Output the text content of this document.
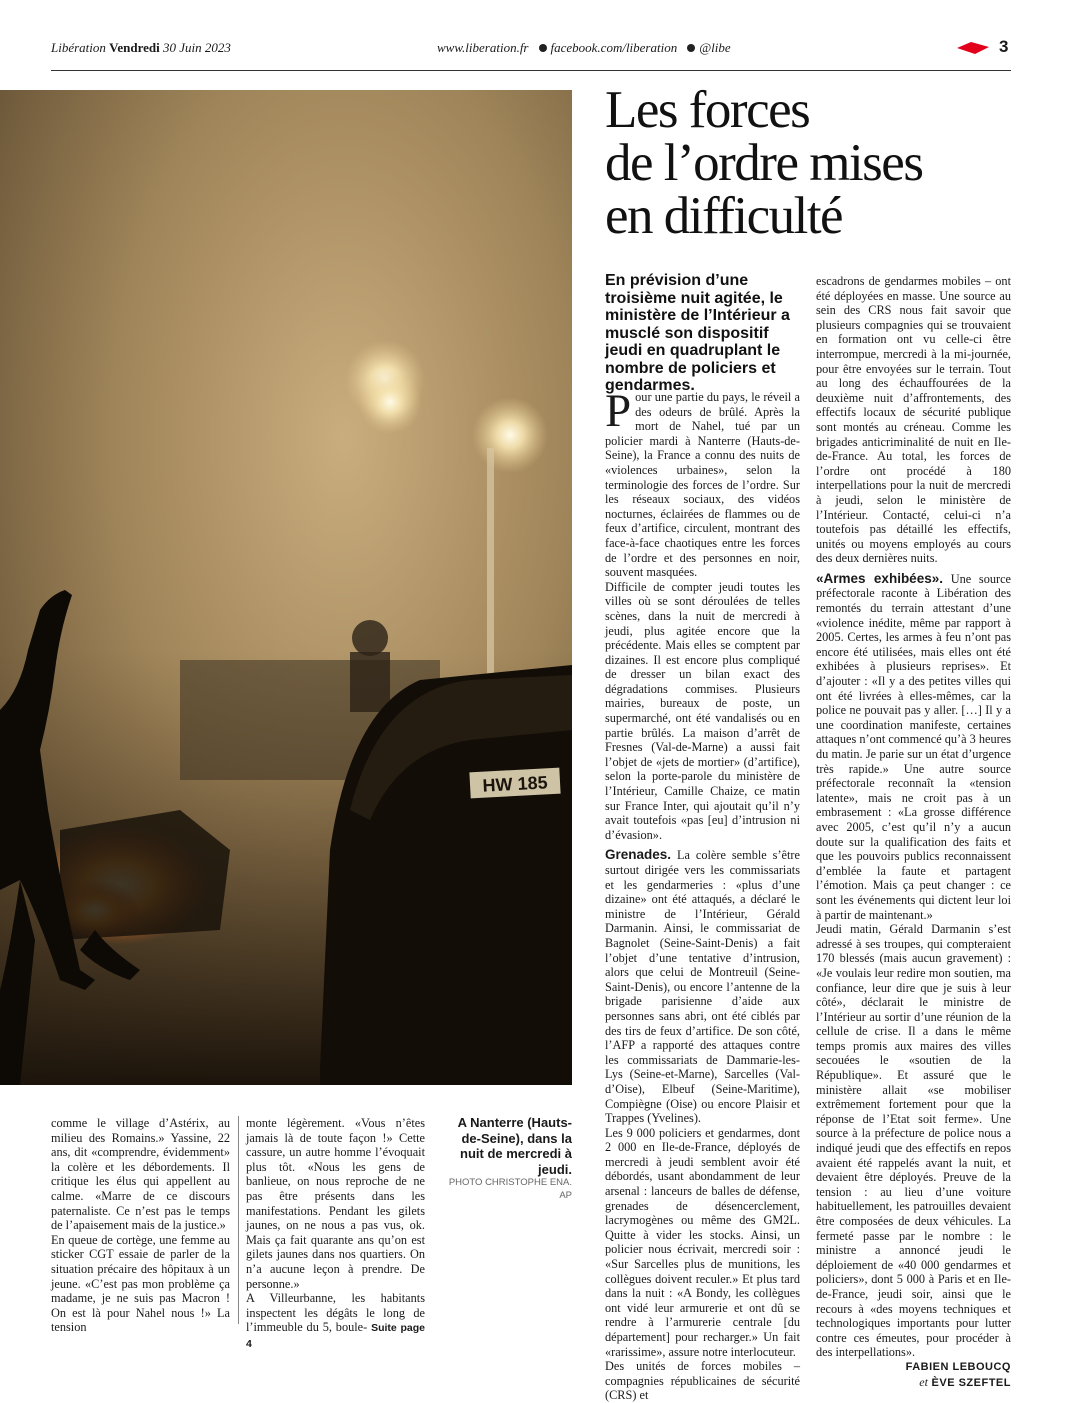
Libération Vendredi 30 Juin 2023	www.liberation.fr facebook.com/liberation @libe	3
HW 185
Les forces
de l’ordre mises
en difficulté

En prévision d’une troisième nuit agitée, le ministère de l’Intérieur a musclé son dispositif jeudi en quadruplant le nombre de policiers et gendarmes.

Pour une partie du pays, le réveil a des odeurs de brûlé. Après la mort de Nahel, tué par un policier mardi à Nanterre (Hauts-de-Seine), la France a connu des nuits de «violences urbaines», selon la terminologie des forces de l’ordre. Sur les réseaux sociaux, des vidéos nocturnes, éclairées de flammes ou de feux d’artifice, circulent, montrant des face-à-face chaotiques entre les forces de l’ordre et des personnes en noir, souvent masquées.

Difficile de compter jeudi toutes les villes où se sont déroulées de telles scènes, dans la nuit de mercredi à jeudi, plus agitée encore que la précédente. Mais elles se comptent par dizaines. Il est encore plus compliqué de dresser un bilan exact des dégradations commises. Plusieurs mairies, bureaux de poste, un supermarché, ont été vandalisés ou en partie brûlés. La maison d’arrêt de Fresnes (Val-de-Marne) a aussi fait l’objet de «jets de mortier» (d’artifice), selon la porte-parole du ministère de l’Intérieur, Camille Chaize, ce matin sur France Inter, qui ajoutait qu’il n’y avait toutefois «pas [eu] d’intrusion ni d’évasion».

Grenades. La colère semble s’être surtout dirigée vers les commissariats et les gendarmeries : «plus d’une dizaine» ont été attaqués, a déclaré le ministre de l’Intérieur, Gérald Darmanin. Ainsi, le commissariat de Bagnolet (Seine-Saint-Denis) a fait l’objet d’une tentative d’intrusion, alors que celui de Montreuil (Seine-Saint-Denis), ou encore l’antenne de la brigade parisienne d’aide aux personnes sans abri, ont été ciblés par des tirs de feux d’artifice. De son côté, l’AFP a rapporté des attaques contre les commissariats de Dammarie-les-Lys (Seine-et-Marne), Sarcelles (Val-d’Oise), Elbeuf (Seine-Maritime), Compiègne (Oise) ou encore Plaisir et Trappes (Yvelines).

Les 9 000 policiers et gendarmes, dont 2 000 en Ile-de-France, déployés de mercredi à jeudi semblent avoir été débordés, usant abondamment de leur arsenal : lanceurs de balles de défense, grenades de désencerclement, lacrymogènes ou même des GM2L. Quitte à vider les stocks. Ainsi, un policier nous écrivait, mercredi soir : «Sur Sarcelles plus de munitions, les collègues doivent reculer.» Et plus tard dans la nuit : «A Bondy, les collègues ont vidé leur armurerie et ont dû se rendre à l’armurerie centrale [du département] pour recharger.» Un fait «rarissime», assure notre interlocuteur.

Des unités de forces mobiles – compagnies républicaines de sécurité (CRS) et

escadrons de gendarmes mobiles – ont été déployées en masse. Une source au sein des CRS nous fait savoir que plusieurs compagnies qui se trouvaient en formation ont vu celle-ci être interrompue, mercredi à la mi-journée, pour être envoyées sur le terrain. Tout au long des échauffourées de la deuxième nuit d’affrontements, des effectifs locaux de sécurité publique sont montés au créneau. Comme les brigades anticriminalité de nuit en Ile-de-France. Au total, les forces de l’ordre ont procédé à 180 interpellations pour la nuit de mercredi à jeudi, selon le ministère de l’Intérieur. Contacté, celui-ci n’a toutefois pas détaillé les effectifs, unités ou moyens employés au cours des deux dernières nuits.

«Armes exhibées». Une source préfectorale raconte à Libération des remontés du terrain attestant d’une «violence inédite, même par rapport à 2005. Certes, les armes à feu n’ont pas encore été utilisées, mais elles ont été exhibées à plusieurs reprises». Et d’ajouter : «Il y a des petites villes qui ont été livrées à elles-mêmes, car la police ne pouvait pas y aller. […] Il y a une coordination manifeste, certaines attaques n’ont commencé qu’à 3 heures du matin. Je parie sur un état d’urgence très rapide.» Une autre source préfectorale reconnaît la «tension latente», mais ne croit pas à un embrasement : «La grosse différence avec 2005, c’est qu’il n’y a aucun doute sur la qualification des faits et que les pouvoirs publics reconnaissent d’emblée la faute et partagent l’émotion. Mais ça peut changer : ce sont les événements qui dictent leur loi à partir de maintenant.»

Jeudi matin, Gérald Darmanin s’est adressé à ses troupes, qui compteraient 170 blessés (mais aucun gravement) : «Je voulais leur redire mon soutien, ma confiance, leur dire que je suis à leur côté», déclarait le ministre de l’Intérieur au sortir d’une réunion de la cellule de crise. Il a dans le même temps promis aux maires des villes secouées le «soutien de la République». Et assuré que le ministère allait «se mobiliser extrêmement fortement pour que la réponse de l’Etat soit ferme». Une source à la préfecture de police nous a indiqué jeudi que des effectifs en repos avaient été rappelés avant la nuit, et devaient être déployés. Preuve de la tension : au lieu d’une voiture habituellement, les patrouilles devaient être composées de deux véhicules. La fermeté passe par le nombre : le ministre a annoncé jeudi le déploiement de «40 000 gendarmes et policiers», dont 5 000 à Paris et en Ile-de-France, jeudi soir, ainsi que le recours à «des moyens techniques et technologiques importants pour lutter contre ces émeutes, pour procéder à des interpellations».

FABIEN LEBOUCQ
et ÈVE SZEFTEL

comme le village d’Astérix, au milieu des Romains.» Yassine, 22 ans, dit «comprendre, évidemment» la colère et les débordements. Il critique les élus qui appellent au calme. «Marre de ce discours paternaliste. Ce n’est pas le temps de l’apaisement mais de la justice.»

En queue de cortège, une femme au sticker CGT essaie de parler de la situation précaire des hôpitaux à un jeune. «C’est pas mon problème ça madame, je ne suis pas Macron ! On est là pour Nahel nous !» La tension

monte légèrement. «Vous n’êtes jamais là de toute façon !» Cette cassure, un autre homme l’évoquait plus tôt. «Nous les gens de banlieue, on nous reproche de ne pas être présents dans les manifestations. Pendant les gilets jaunes, on ne nous a pas vus, ok. Mais ça fait quarante ans qu’on est gilets jaunes dans nos quartiers. On n’a aucune leçon à prendre. De personne.»

A Villeurbanne, les habitants inspectent les dégâts le long de l’immeuble du 5, boule- Suite page 4

A Nanterre (Hauts-de-Seine), dans la nuit de mercredi à jeudi.
PHOTO CHRISTOPHE ENA. AP
